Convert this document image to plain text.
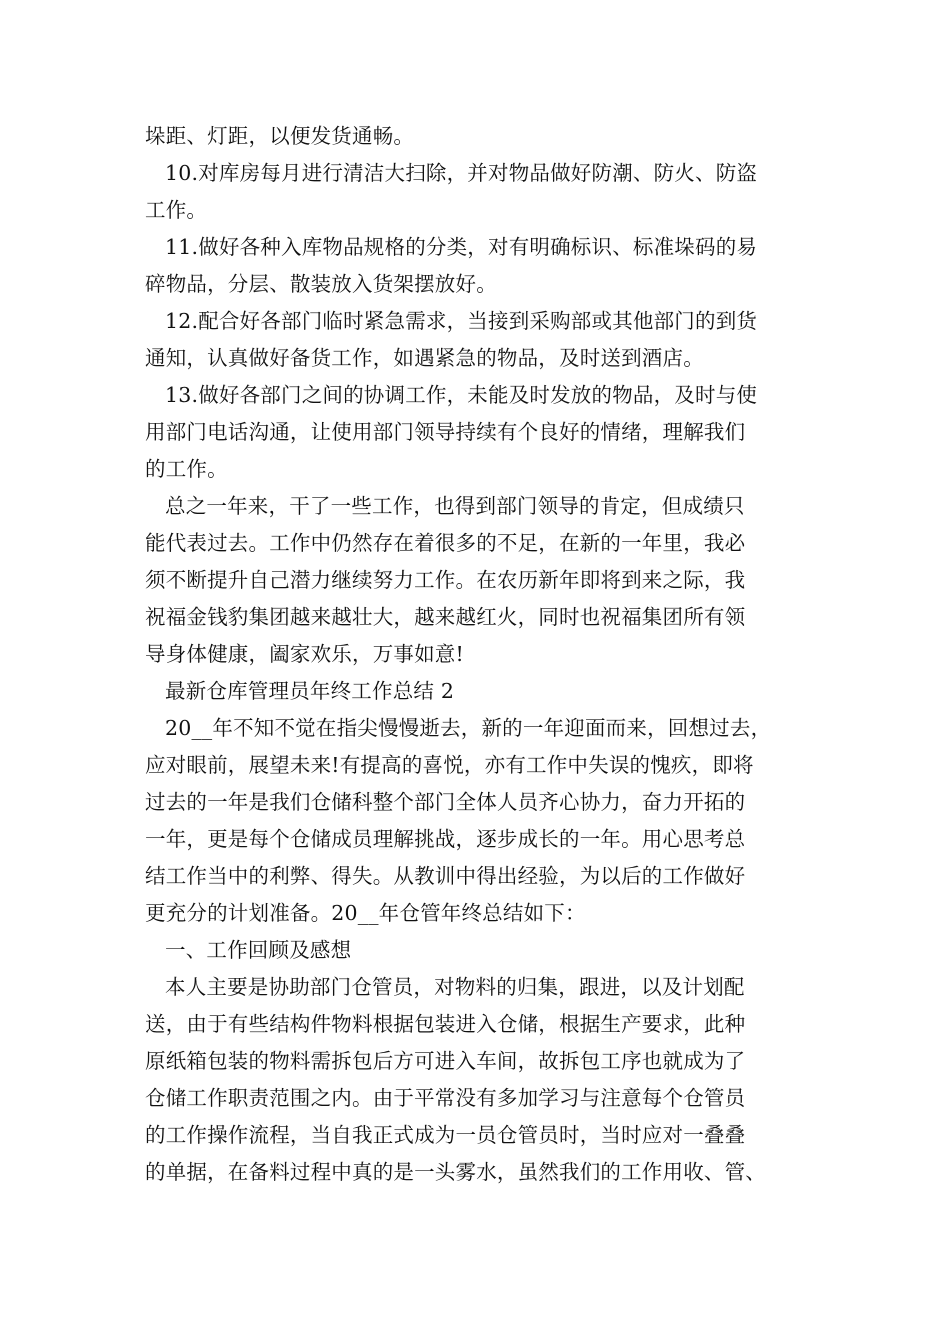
垛距、灯距，以便发货通畅。
10.对库房每月进行清洁大扫除，并对物品做好防潮、防火、防盗
工作。
11.做好各种入库物品规格的分类，对有明确标识、标准垛码的易
碎物品，分层、散装放入货架摆放好。
12.配合好各部门临时紧急需求，当接到采购部或其他部门的到货
通知，认真做好备货工作，如遇紧急的物品，及时送到酒店。
13.做好各部门之间的协调工作，未能及时发放的物品，及时与使
用部门电话沟通，让使用部门领导持续有个良好的情绪，理解我们
的工作。
总之一年来，干了一些工作，也得到部门领导的肯定，但成绩只
能代表过去。工作中仍然存在着很多的不足，在新的一年里，我必
须不断提升自己潜力继续努力工作。在农历新年即将到来之际，我
祝福金钱豹集团越来越壮大，越来越红火，同时也祝福集团所有领
导身体健康，阖家欢乐，万事如意!
最新仓库管理员年终工作总结 2
20__年不知不觉在指尖慢慢逝去，新的一年迎面而来，回想过去，
应对眼前，展望未来!有提高的喜悦，亦有工作中失误的愧疚，即将
过去的一年是我们仓储科整个部门全体人员齐心协力，奋力开拓的
一年，更是每个仓储成员理解挑战，逐步成长的一年。用心思考总
结工作当中的利弊、得失。从教训中得出经验，为以后的工作做好
更充分的计划准备。20__年仓管年终总结如下：
一、工作回顾及感想
本人主要是协助部门仓管员，对物料的归集，跟进，以及计划配
送，由于有些结构件物料根据包装进入仓储，根据生产要求，此种
原纸箱包装的物料需拆包后方可进入车间，故拆包工序也就成为了
仓储工作职责范围之内。由于平常没有多加学习与注意每个仓管员
的工作操作流程，当自我正式成为一员仓管员时，当时应对一叠叠
的单据，在备料过程中真的是一头雾水，虽然我们的工作用收、管、
